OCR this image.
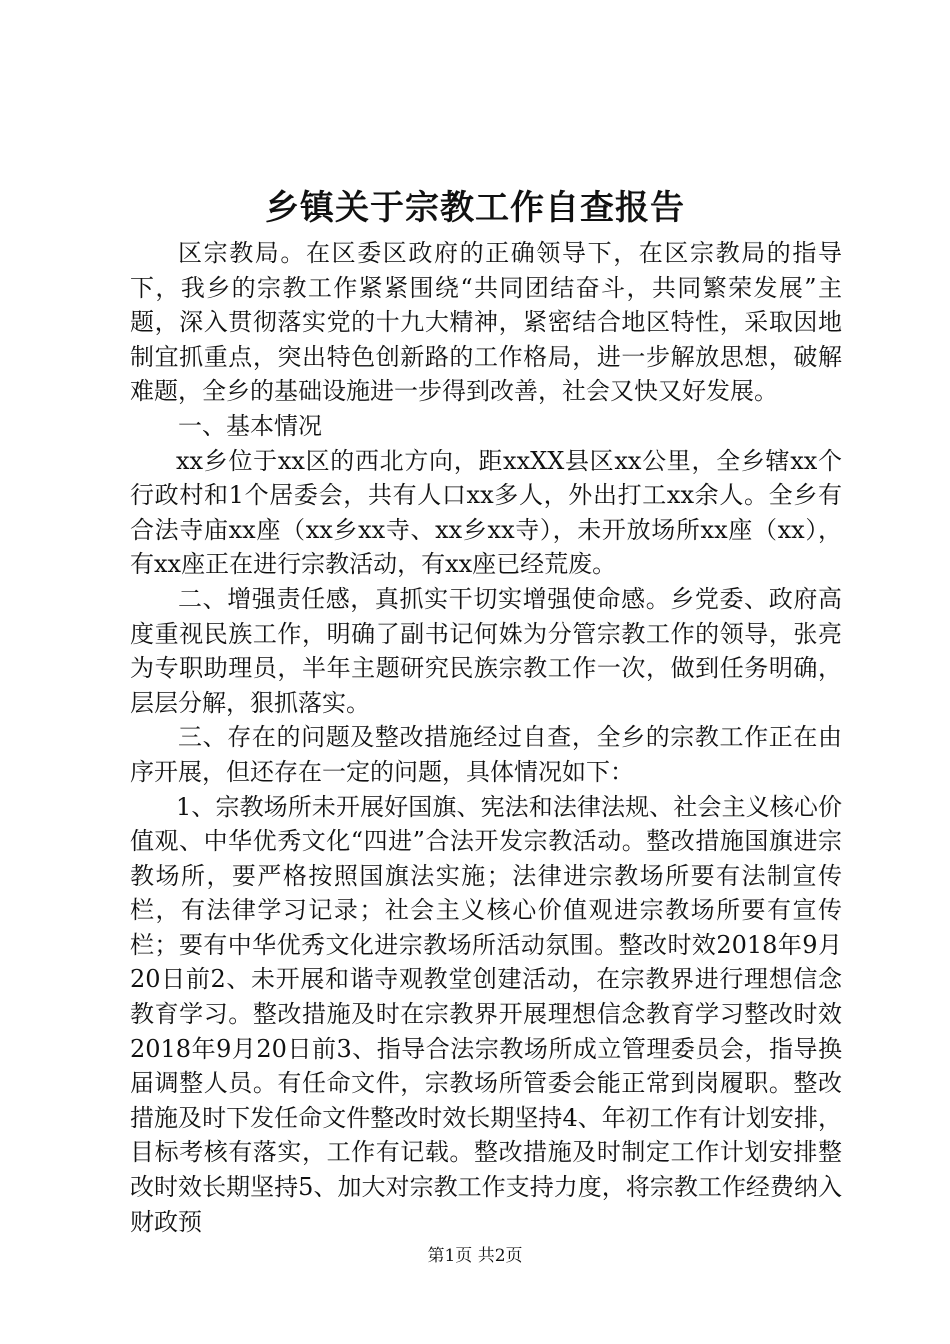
乡镇关于宗教工作自查报告

区宗教局。在区委区政府的正确领导下，在区宗教局的指导下，我乡的宗教工作紧紧围绕“共同团结奋斗，共同繁荣发展”主题，深入贯彻落实党的十九大精神，紧密结合地区特性，采取因地制宜抓重点，突出特色创新路的工作格局，进一步解放思想，破解难题，全乡的基础设施进一步得到改善，社会又快又好发展。

一、基本情况

xx乡位于xx区的西北方向，距xxXX县区xx公里，全乡辖xx个行政村和1个居委会，共有人口xx多人，外出打工xx余人。全乡有合法寺庙xx座（xx乡xx寺、xx乡xx寺），未开放场所xx座（xx），有xx座正在进行宗教活动，有xx座已经荒废。

二、增强责任感，真抓实干切实增强使命感。乡党委、政府高度重视民族工作，明确了副书记何姝为分管宗教工作的领导，张亮为专职助理员，半年主题研究民族宗教工作一次，做到任务明确，层层分解，狠抓落实。

三、存在的问题及整改措施经过自查，全乡的宗教工作正在由序开展，但还存在一定的问题，具体情况如下：

1、宗教场所未开展好国旗、宪法和法律法规、社会主义核心价值观、中华优秀文化“四进”合法开发宗教活动。整改措施国旗进宗教场所，要严格按照国旗法实施；法律进宗教场所要有法制宣传栏，有法律学习记录；社会主义核心价值观进宗教场所要有宣传栏；要有中华优秀文化进宗教场所活动氛围。整改时效2018年9月20日前2、未开展和谐寺观教堂创建活动，在宗教界进行理想信念教育学习。整改措施及时在宗教界开展理想信念教育学习整改时效2018年9月20日前3、指导合法宗教场所成立管理委员会，指导换届调整人员。有任命文件，宗教场所管委会能正常到岗履职。整改措施及时下发任命文件整改时效长期坚持4、年初工作有计划安排，目标考核有落实，工作有记载。整改措施及时制定工作计划安排整改时效长期坚持5、加大对宗教工作支持力度，将宗教工作经费纳入财政预

第1页 共2页
